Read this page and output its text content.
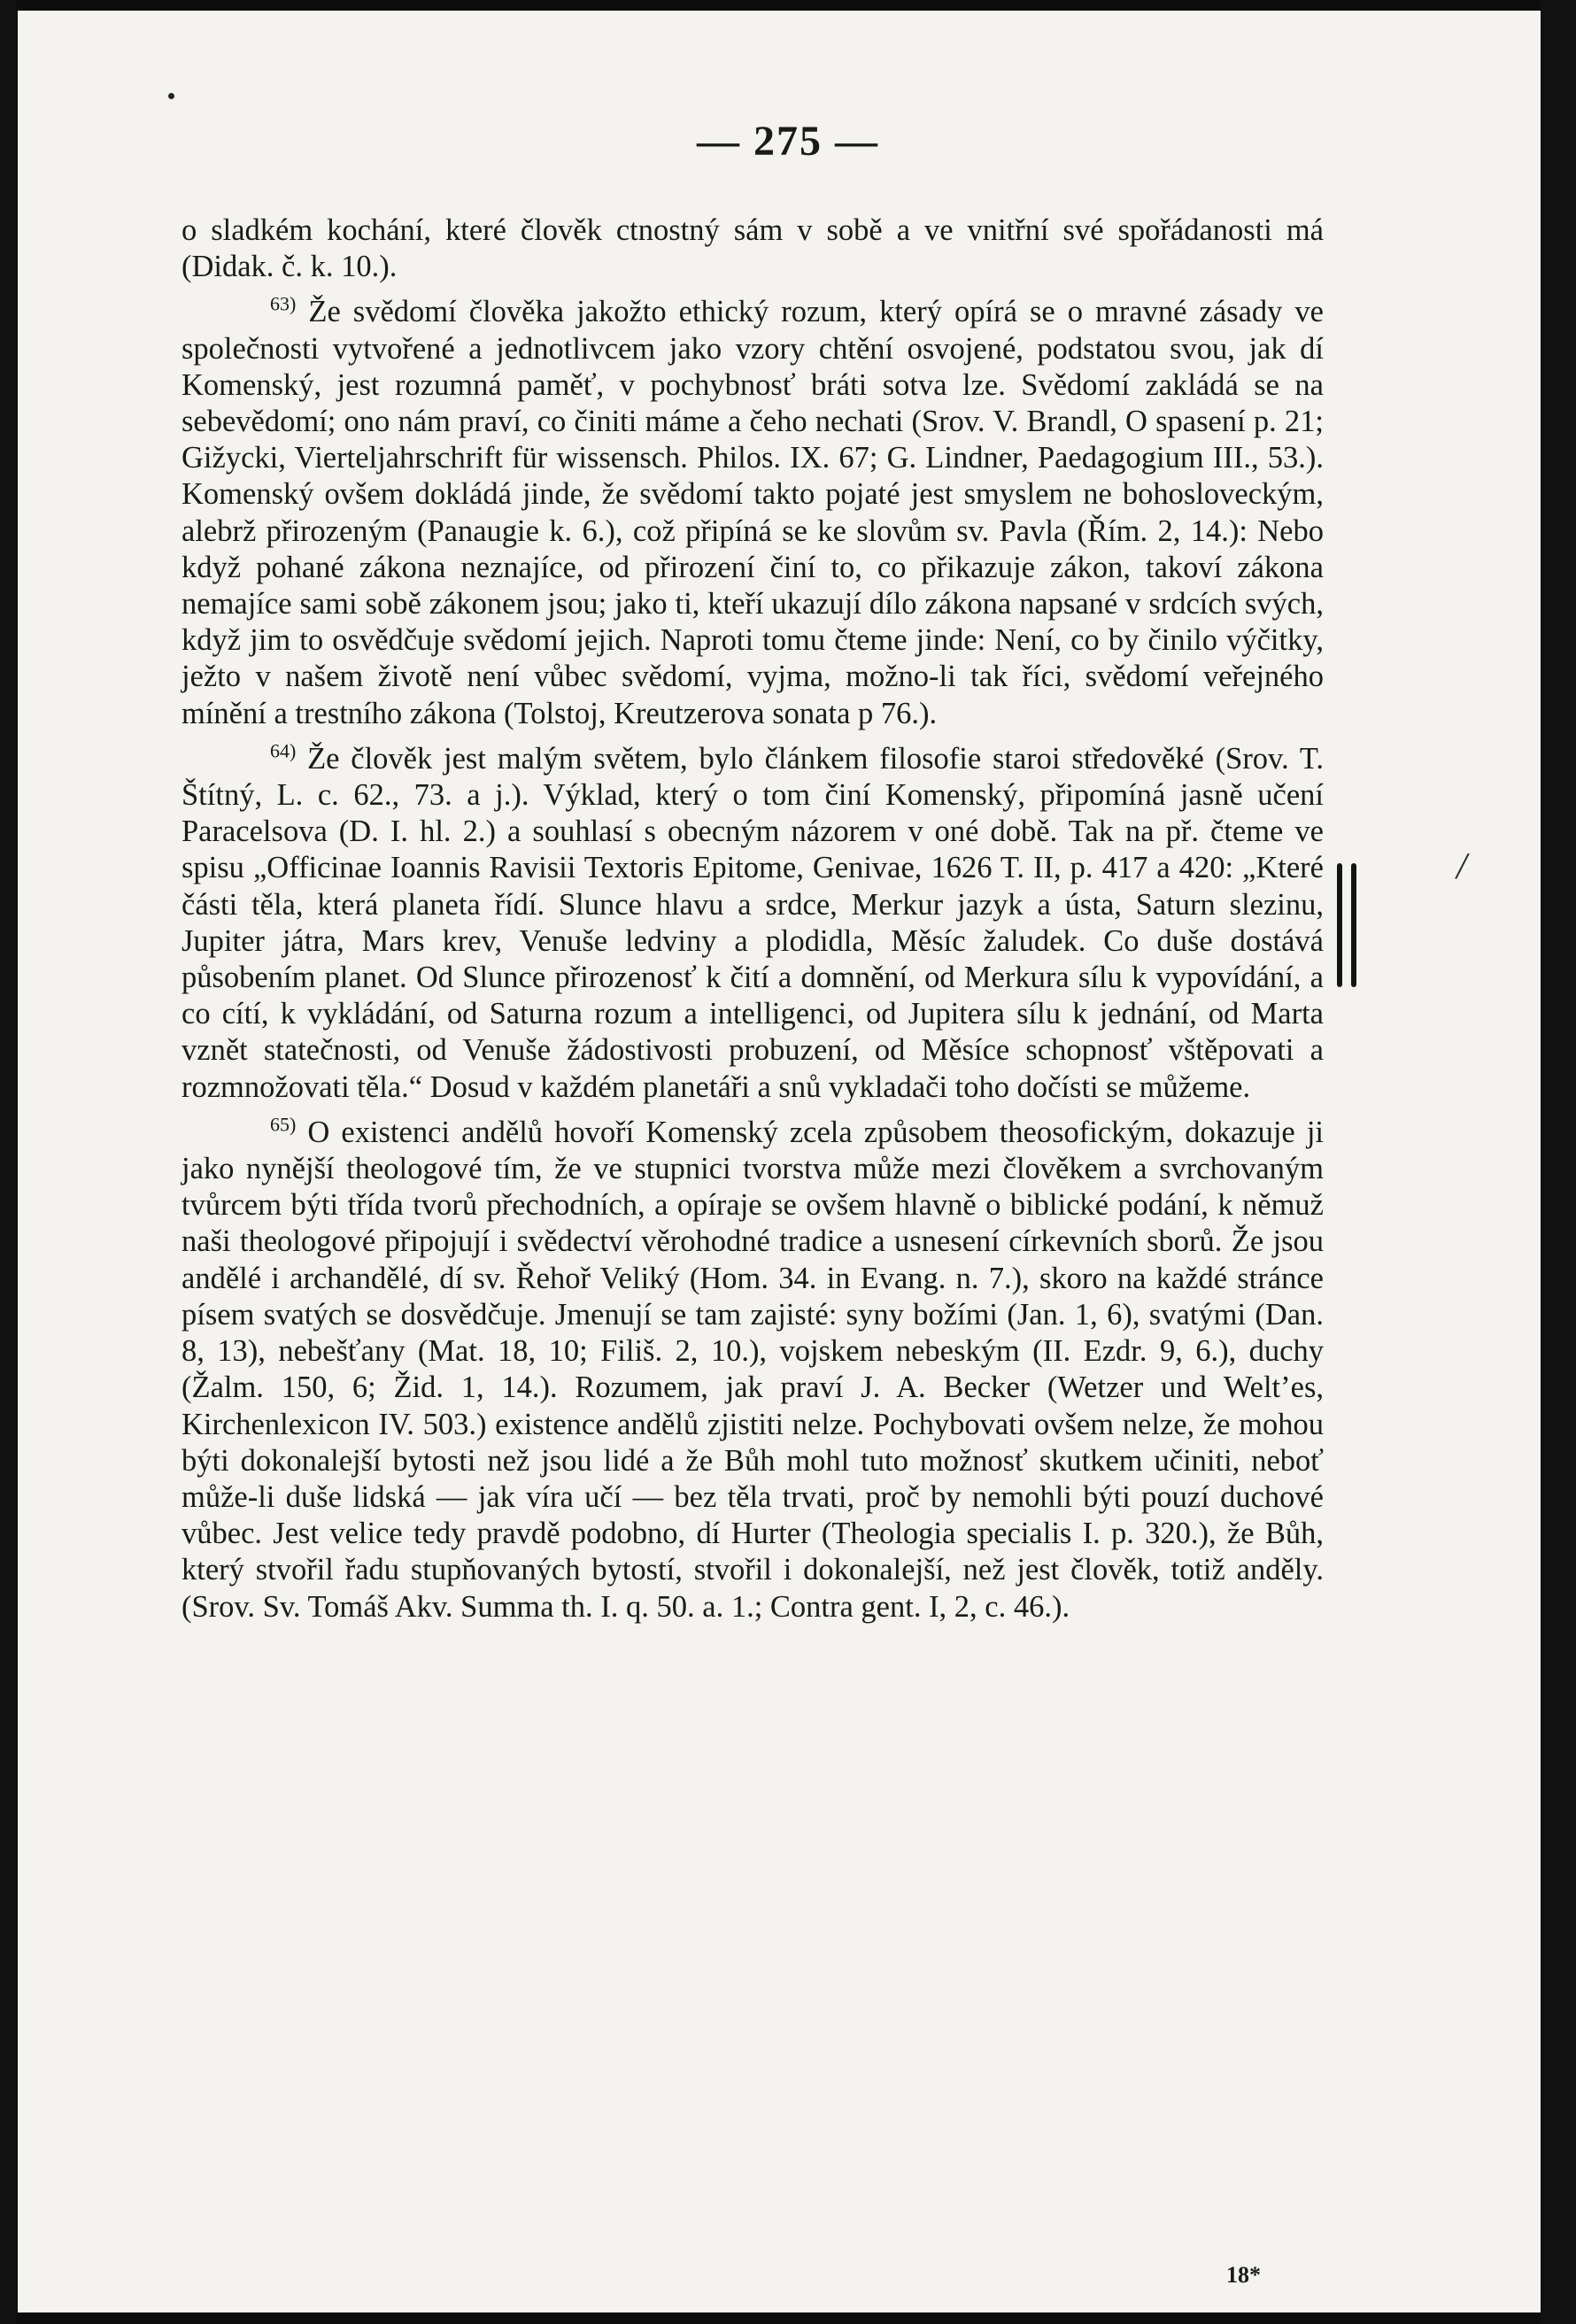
— 275 —

o sladkém kochání, které člověk ctnostný sám v sobě a ve vnitřní své spořádanosti má (Didak. č. k. 10.).

$^{63)}$ Že svědomí člověka jakožto ethický rozum, který opírá se o mravné zásady ve společnosti vytvořené a jednotlivcem jako vzory chtění osvojené, podstatou svou, jak dí Komenský, jest rozumná paměť, v pochybnosť bráti sotva lze. Svědomí zakládá se na sebevědomí; ono nám praví, co činiti máme a čeho nechati (Srov. V. Brandl, O spasení p. 21; Gižycki, Vierteljahrschrift für wissensch. Philos. IX. 67; G. Lindner, Paedagogium III., 53.). Komenský ovšem dokládá jinde, že svědomí takto pojaté jest smyslem ne bohosloveckým, alebrž přirozeným (Panaugie k. 6.), což připíná se ke slovům sv. Pavla (Řím. 2, 14.): Nebo když pohané zákona neznajíce, od přirození činí to, co přikazuje zákon, takoví zákona nemajíce sami sobě zákonem jsou; jako ti, kteří ukazují dílo zákona napsané v srdcích svých, když jim to osvědčuje svědomí jejich. Naproti tomu čteme jinde: Není, co by činilo výčitky, ježto v našem životě není vůbec svědomí, vyjma, možno-li tak říci, svědomí veřejného mínění a trestního zákona (Tolstoj, Kreutzerova sonata p 76.).

$^{64)}$ Že člověk jest malým světem, bylo článkem filosofie staroi středověké (Srov. T. Štítný, L. c. 62., 73. a j.). Výklad, který o tom činí Komenský, připomíná jasně učení Paracelsova (D. I. hl. 2.) a souhlasí s obecným názorem v oné době. Tak na př. čteme ve spisu „Officinae Ioannis Ravisii Textoris Epitome, Genivae, 1626 T. II, p. 417 a 420: „Které části těla, která planeta řídí. Slunce hlavu a srdce, Merkur jazyk a ústa, Saturn slezinu, Jupiter játra, Mars krev, Venuše ledviny a plodidla, Měsíc žaludek. Co duše dostává působením planet. Od Slunce přirozenosť k čití a domnění, od Merkura sílu k vypovídání, a co cítí, k vykládání, od Saturna rozum a intelligenci, od Jupitera sílu k jednání, od Marta vznět statečnosti, od Venuše žádostivosti probuzení, od Měsíce schopnosť vštěpovati a rozmnožovati těla.“ Dosud v každém planetáři a snů vykladači toho dočísti se můžeme.

$^{65)}$ O existenci andělů hovoří Komenský zcela způsobem theosofickým, dokazuje ji jako nynější theologové tím, že ve stupnici tvorstva může mezi člověkem a svrchovaným tvůrcem býti třída tvorů přechodních, a opíraje se ovšem hlavně o biblické podání, k němuž naši theologové připojují i svědectví věrohodné tradice a usnesení církevních sborů. Že jsou andělé i archandělé, dí sv. Řehoř Veliký (Hom. 34. in Evang. n. 7.), skoro na každé stránce písem svatých se dosvědčuje. Jmenují se tam zajisté: syny božími (Jan. 1, 6), svatými (Dan. 8, 13), nebešťany (Mat. 18, 10; Filiš. 2, 10.), vojskem nebeským (II. Ezdr. 9, 6.), duchy (Žalm. 150, 6; Žid. 1, 14.). Rozumem, jak praví J. A. Becker (Wetzer und Welt’es, Kirchenlexicon IV. 503.) existence andělů zjistiti nelze. Pochybovati ovšem nelze, že mohou býti dokonalejší bytosti než jsou lidé a že Bůh mohl tuto možnosť skutkem učiniti, neboť může-li duše lidská — jak víra učí — bez těla trvati, proč by nemohli býti pouzí duchové vůbec. Jest velice tedy pravdě podobno, dí Hurter (Theologia specialis I. p. 320.), že Bůh, který stvořil řadu stupňovaných bytostí, stvořil i dokonalejší, než jest člověk, totiž anděly. (Srov. Sv. Tomáš Akv. Summa th. I. q. 50. a. 1.; Contra gent. I, 2, c. 46.).

/
18*
